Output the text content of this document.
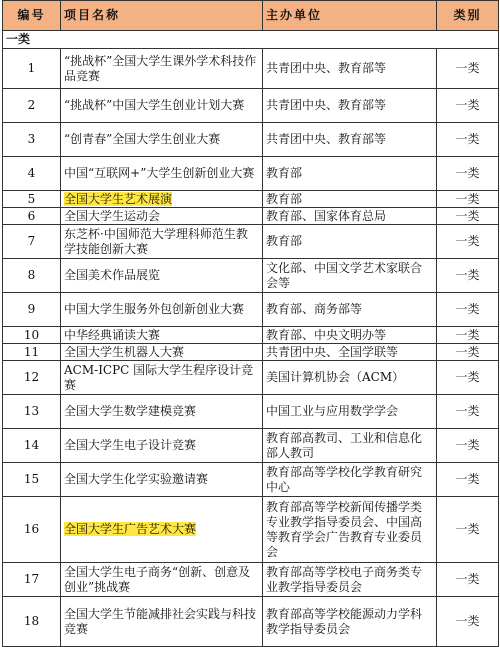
编号	项目名称	主办单位	类别
一类			
1	“挑战杯”全国大学生课外学术科技作品竞赛	共青团中央、教育部等	一类
2	“挑战杯”中国大学生创业计划大赛	共青团中央、教育部等	一类
3	“创青春”全国大学生创业大赛	共青团中央、教育部等	一类
4	中国“互联网+”大学生创新创业大赛	教育部	一类
5	全国大学生艺术展演	教育部	一类
6	全国大学生运动会	教育部、国家体育总局	一类
7	东芝杯·中国师范大学理科师范生教学技能创新大赛	教育部	一类
8	全国美术作品展览	文化部、中国文学艺术家联合会等	一类
9	中国大学生服务外包创新创业大赛	教育部、商务部等	一类
10	中华经典诵读大赛	教育部、中央文明办等	一类
11	全国大学生机器人大赛	共青团中央、全国学联等	一类
12	ACM-ICPC 国际大学生程序设计竞赛	美国计算机协会（ACM）	一类
13	全国大学生数学建模竞赛	中国工业与应用数学学会	一类
14	全国大学生电子设计竞赛	教育部高教司、工业和信息化部人教司	一类
15	全国大学生化学实验邀请赛	教育部高等学校化学教育研究中心	一类
16	全国大学生广告艺术大赛	教育部高等学校新闻传播学类专业教学指导委员会、中国高等教育学会广告教育专业委员会	一类
17	全国大学生电子商务“创新、创意及创业”挑战赛	教育部高等学校电子商务类专业教学指导委员会	一类
18	全国大学生节能减排社会实践与科技竞赛	教育部高等学校能源动力学科教学指导委员会	一类
